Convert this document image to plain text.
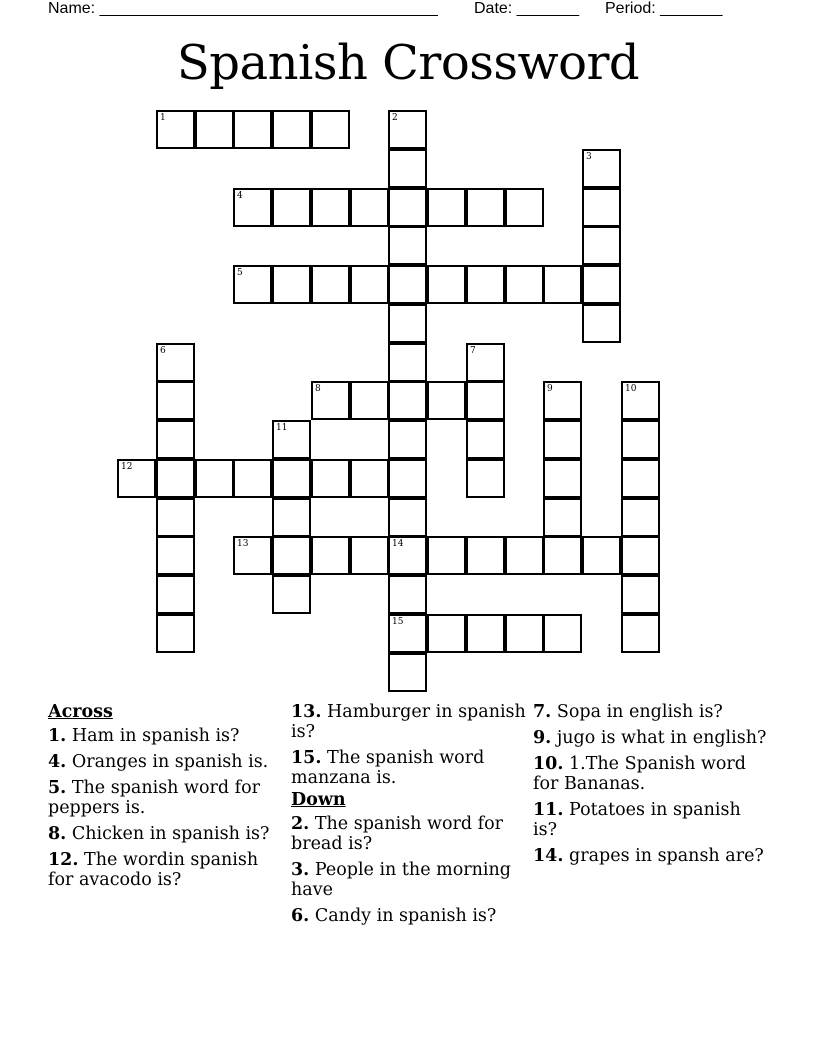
Name: ______________________________________ Date: _______ Period: _______
Spanish Crossword
1	2
14
15
3
4
5
6	7
8	9	10
11
12
13
Across
1. Ham in spanish is?
4. Oranges in spanish is.
5. The spanish word for peppers is.
8. Chicken in spanish is?
12. The wordin spanish for avacodo is?
13. Hamburger in spanish is?
15. The spanish word manzana is.
Down
2. The spanish word for bread is?
3. People in the morning have
6. Candy in spanish is?
7. Sopa in english is?
9. jugo is what in english?
10. 1.The Spanish word for Bananas.
11. Potatoes in spanish is?
14. grapes in spansh are?
